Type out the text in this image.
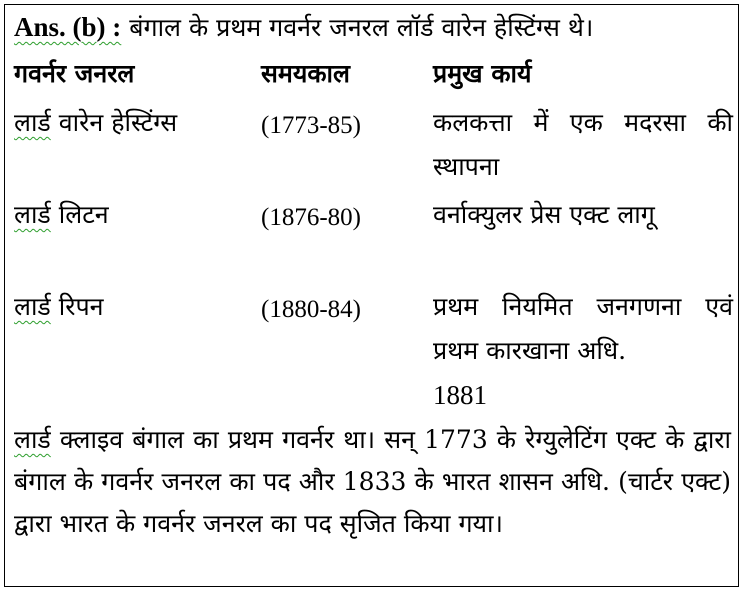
Ans. (b) : बंगाल के प्रथम गवर्नर जनरल लॉर्ड वारेन हेस्टिंग्स थे।
गवर्नर जनरल	समयकाल	प्रमुख कार्य
लार्ड वारेन हेस्टिंग्स	(1773-85)	कलकत्ता में एक मदरसा की स्थापना
लार्ड लिटन	(1876-80)	वर्नाक्युलर प्रेस एक्ट लागू
लार्ड रिपन	(1880-84)	प्रथम नियमित जनगणना एवं प्रथम कारखाना अधि.
1881
लार्ड क्लाइव बंगाल का प्रथम गवर्नर था। सन् 1773 के रेग्युलेटिंग एक्ट के द्वारा बंगाल के गवर्नर जनरल का पद और 1833 के भारत शासन अधि. (चार्टर एक्ट) द्वारा भारत के गवर्नर जनरल का पद सृजित किया गया।
